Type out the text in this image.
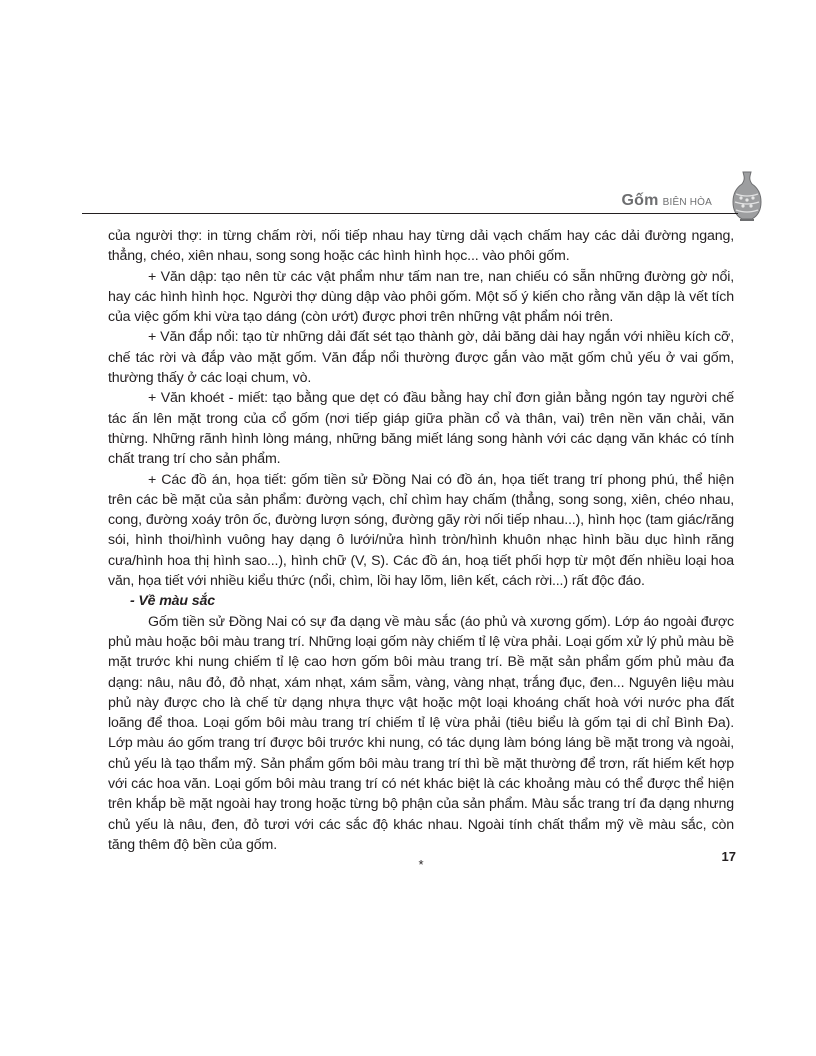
Gốm BIÊN HÒA

của người thợ: in từng chấm rời, nối tiếp nhau hay từng dải vạch chấm hay các dải đường ngang, thẳng, chéo, xiên nhau, song song hoặc các hình hình học... vào phôi gốm.

+ Văn dập: tạo nên từ các vật phẩm như tấm nan tre, nan chiếu có sẵn những đường gờ nổi, hay các hình hình học. Người thợ dùng dập vào phôi gốm. Một số ý kiến cho rằng văn dập là vết tích của việc gốm khi vừa tạo dáng (còn ướt) được phơi trên những vật phẩm nói trên.

+ Văn đắp nổi: tạo từ những dải đất sét tạo thành gờ, dải băng dài hay ngắn với nhiều kích cỡ, chế tác rời và đắp vào mặt gốm. Văn đắp nổi thường được gắn vào mặt gốm chủ yếu ở vai gốm, thường thấy ở các loại chum, vò.

+ Văn khoét - miết: tạo bằng que dẹt có đầu bằng hay chỉ đơn giản bằng ngón tay người chế tác ấn lên mặt trong của cổ gốm (nơi tiếp giáp giữa phần cổ và thân, vai) trên nền văn chải, văn thừng. Những rãnh hình lòng máng, những băng miết láng song hành với các dạng văn khác có tính chất trang trí cho sản phẩm.

+ Các đồ án, họa tiết: gốm tiền sử Đồng Nai có đồ án, họa tiết trang trí phong phú, thể hiện trên các bề mặt của sản phẩm: đường vạch, chỉ chìm hay chấm (thẳng, song song, xiên, chéo nhau, cong, đường xoáy trôn ốc, đường lượn sóng, đường gãy rời nối tiếp nhau...), hình học (tam giác/răng sói, hình thoi/hình vuông hay dạng ô lưới/nửa hình tròn/hình khuôn nhạc hình bầu dục hình răng cưa/hình hoa thị hình sao...), hình chữ (V, S). Các đồ án, hoạ tiết phối hợp từ một đến nhiều loại hoa văn, họa tiết với nhiều kiểu thức (nổi, chìm, lồi hay lõm, liên kết, cách rời...) rất độc đáo.

- Về màu sắc

Gốm tiền sử Đồng Nai có sự đa dạng về màu sắc (áo phủ và xương gốm). Lớp áo ngoài được phủ màu hoặc bôi màu trang trí. Những loại gốm này chiếm tỉ lệ vừa phải. Loại gốm xử lý phủ màu bề mặt trước khi nung chiếm tỉ lệ cao hơn gốm bôi màu trang trí. Bề mặt sản phẩm gốm phủ màu đa dạng: nâu, nâu đỏ, đỏ nhạt, xám nhạt, xám sẫm, vàng, vàng nhạt, trắng đục, đen... Nguyên liệu màu phủ này được cho là chế từ dạng nhựa thực vật hoặc một loại khoáng chất hoà với nước pha đất loãng để thoa. Loại gốm bôi màu trang trí chiếm tỉ lệ vừa phải (tiêu biểu là gốm tại di chỉ Bình Đa). Lớp màu áo gốm trang trí được bôi trước khi nung, có tác dụng làm bóng láng bề mặt trong và ngoài, chủ yếu là tạo thẩm mỹ. Sản phẩm gốm bôi màu trang trí thì bề mặt thường để trơn, rất hiếm kết hợp với các hoa văn. Loại gốm bôi màu trang trí có nét khác biệt là các khoảng màu có thể được thể hiện trên khắp bề mặt ngoài hay trong hoặc từng bộ phận của sản phẩm. Màu sắc trang trí đa dạng nhưng chủ yếu là nâu, đen, đỏ tươi với các sắc độ khác nhau. Ngoài tính chất thẩm mỹ về màu sắc, còn tăng thêm độ bền của gốm.

*
17
